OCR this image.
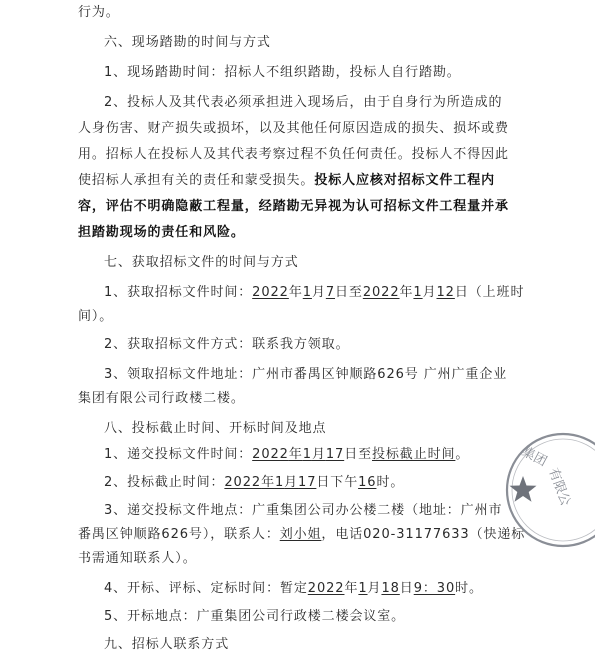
行为。
六、现场踏勘的时间与方式
1、现场踏勘时间：招标人不组织踏勘，投标人自行踏勘。
2、投标人及其代表必须承担进入现场后，由于自身行为所造成的
人身伤害、财产损失或损坏，以及其他任何原因造成的损失、损坏或费
用。招标人在投标人及其代表考察过程不负任何责任。投标人不得因此
使招标人承担有关的责任和蒙受损失。投标人应核对招标文件工程内
容，评估不明确隐蔽工程量，经踏勘无异视为认可招标文件工程量并承
担踏勘现场的责任和风险。
七、获取招标文件的时间与方式
1、获取招标文件时间：2022年1月7日至2022年1月12日（上班时
间）。
2、获取招标文件方式：联系我方领取。
3、领取招标文件地址：广州市番禺区钟顺路626号 广州广重企业
集团有限公司行政楼二楼。
八、投标截止时间、开标时间及地点
1、递交投标文件时间：2022年1月17日至投标截止时间。
2、投标截止时间：2022年1月17日下午16时。
3、递交投标文件地点：广重集团公司办公楼二楼（地址：广州市
番禺区钟顺路626号），联系人：刘小姐，电话020-31177633（快递标
书需通知联系人）。
4、开标、评标、定标时间：暂定2022年1月18日9：30时。
5、开标地点：广重集团公司行政楼二楼会议室。
九、招标人联系方式
集团
有限公
